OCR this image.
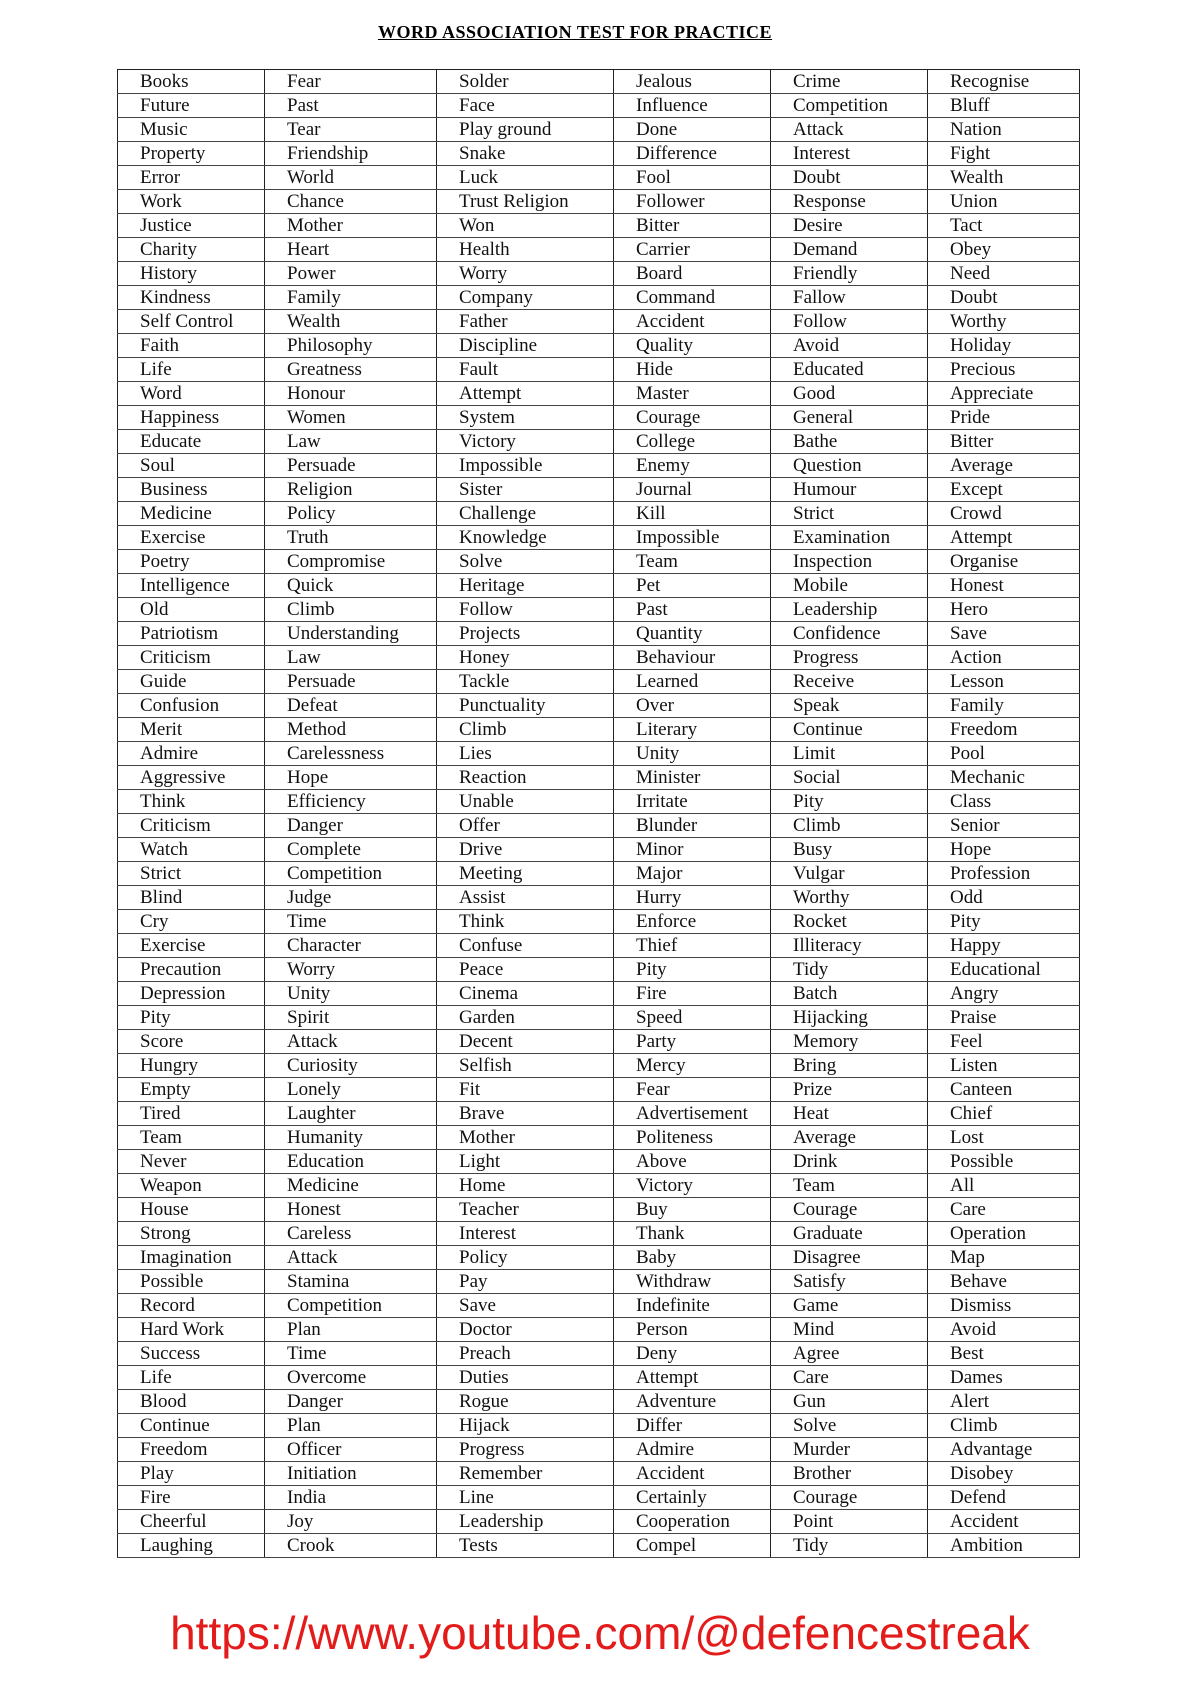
WORD ASSOCIATION TEST FOR PRACTICE
Books	Fear	Solder	Jealous	Crime	Recognise
Future	Past	Face	Influence	Competition	Bluff
Music	Tear	Play ground	Done	Attack	Nation
Property	Friendship	Snake	Difference	Interest	Fight
Error	World	Luck	Fool	Doubt	Wealth
Work	Chance	Trust Religion	Follower	Response	Union
Justice	Mother	Won	Bitter	Desire	Tact
Charity	Heart	Health	Carrier	Demand	Obey
History	Power	Worry	Board	Friendly	Need
Kindness	Family	Company	Command	Fallow	Doubt
Self Control	Wealth	Father	Accident	Follow	Worthy
Faith	Philosophy	Discipline	Quality	Avoid	Holiday
Life	Greatness	Fault	Hide	Educated	Precious
Word	Honour	Attempt	Master	Good	Appreciate
Happiness	Women	System	Courage	General	Pride
Educate	Law	Victory	College	Bathe	Bitter
Soul	Persuade	Impossible	Enemy	Question	Average
Business	Religion	Sister	Journal	Humour	Except
Medicine	Policy	Challenge	Kill	Strict	Crowd
Exercise	Truth	Knowledge	Impossible	Examination	Attempt
Poetry	Compromise	Solve	Team	Inspection	Organise
Intelligence	Quick	Heritage	Pet	Mobile	Honest
Old	Climb	Follow	Past	Leadership	Hero
Patriotism	Understanding	Projects	Quantity	Confidence	Save
Criticism	Law	Honey	Behaviour	Progress	Action
Guide	Persuade	Tackle	Learned	Receive	Lesson
Confusion	Defeat	Punctuality	Over	Speak	Family
Merit	Method	Climb	Literary	Continue	Freedom
Admire	Carelessness	Lies	Unity	Limit	Pool
Aggressive	Hope	Reaction	Minister	Social	Mechanic
Think	Efficiency	Unable	Irritate	Pity	Class
Criticism	Danger	Offer	Blunder	Climb	Senior
Watch	Complete	Drive	Minor	Busy	Hope
Strict	Competition	Meeting	Major	Vulgar	Profession
Blind	Judge	Assist	Hurry	Worthy	Odd
Cry	Time	Think	Enforce	Rocket	Pity
Exercise	Character	Confuse	Thief	Illiteracy	Happy
Precaution	Worry	Peace	Pity	Tidy	Educational
Depression	Unity	Cinema	Fire	Batch	Angry
Pity	Spirit	Garden	Speed	Hijacking	Praise
Score	Attack	Decent	Party	Memory	Feel
Hungry	Curiosity	Selfish	Mercy	Bring	Listen
Empty	Lonely	Fit	Fear	Prize	Canteen
Tired	Laughter	Brave	Advertisement	Heat	Chief
Team	Humanity	Mother	Politeness	Average	Lost
Never	Education	Light	Above	Drink	Possible
Weapon	Medicine	Home	Victory	Team	All
House	Honest	Teacher	Buy	Courage	Care
Strong	Careless	Interest	Thank	Graduate	Operation
Imagination	Attack	Policy	Baby	Disagree	Map
Possible	Stamina	Pay	Withdraw	Satisfy	Behave
Record	Competition	Save	Indefinite	Game	Dismiss
Hard Work	Plan	Doctor	Person	Mind	Avoid
Success	Time	Preach	Deny	Agree	Best
Life	Overcome	Duties	Attempt	Care	Dames
Blood	Danger	Rogue	Adventure	Gun	Alert
Continue	Plan	Hijack	Differ	Solve	Climb
Freedom	Officer	Progress	Admire	Murder	Advantage
Play	Initiation	Remember	Accident	Brother	Disobey
Fire	India	Line	Certainly	Courage	Defend
Cheerful	Joy	Leadership	Cooperation	Point	Accident
Laughing	Crook	Tests	Compel	Tidy	Ambition
https://www.youtube.com/@defencestreak
